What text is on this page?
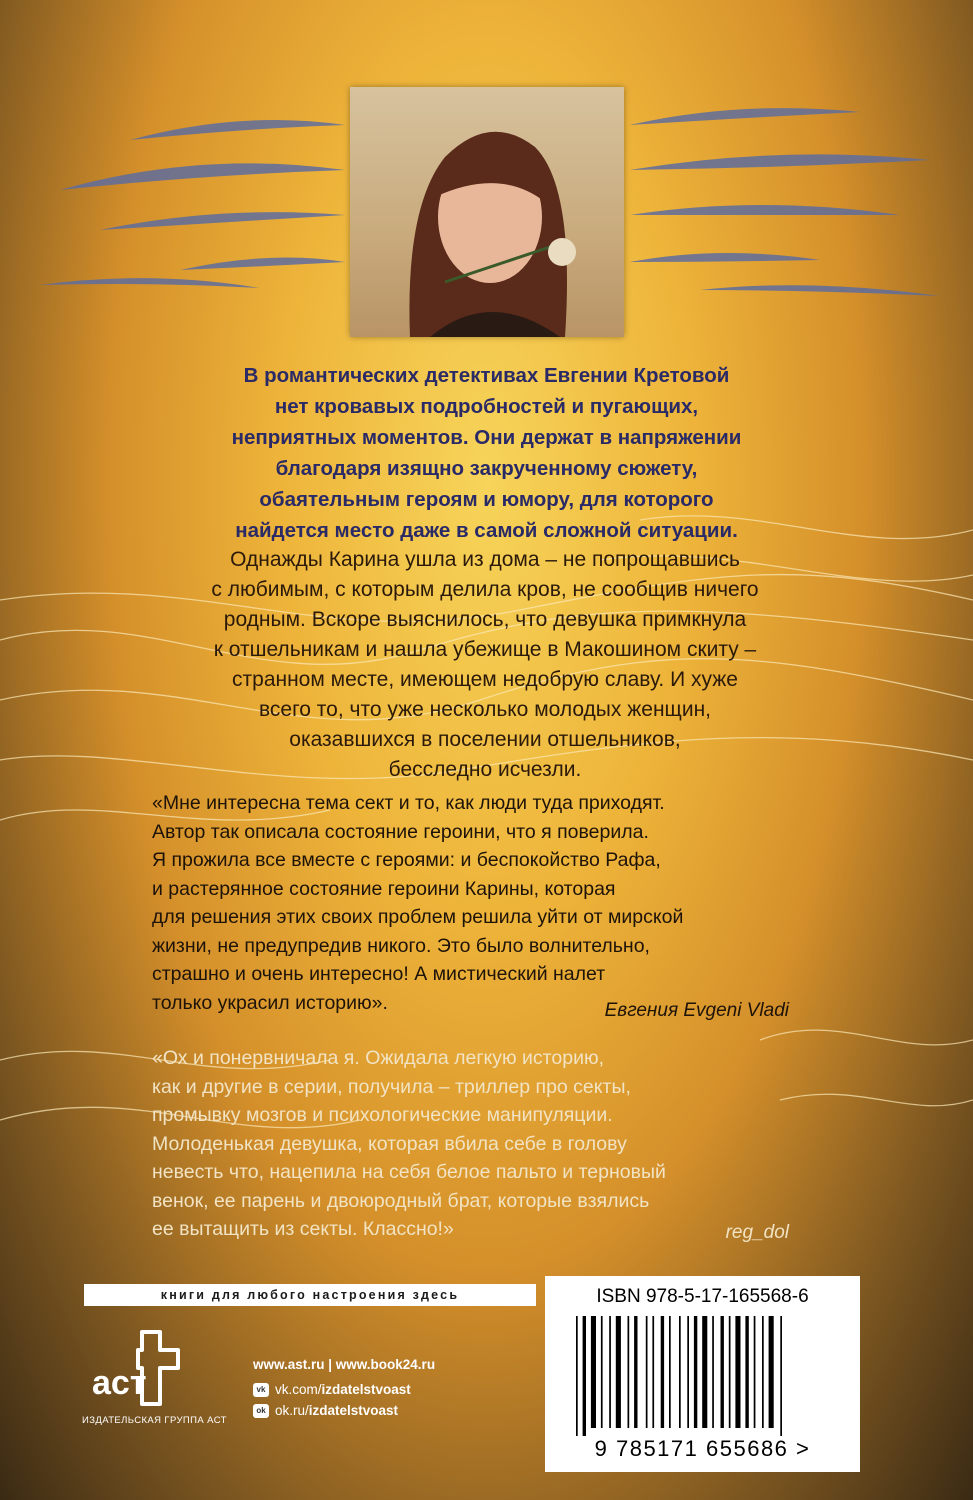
В романтических детективах Евгении Кретовой
нет кровавых подробностей и пугающих,
неприятных моментов. Они держат в напряжении
благодаря изящно закрученному сюжету,
обаятельным героям и юмору, для которого
найдется место даже в самой сложной ситуации.
Однажды Карина ушла из дома – не попрощавшись
с любимым, с которым делила кров, не сообщив ничего
родным. Вскоре выяснилось, что девушка примкнула
к отшельникам и нашла убежище в Макошином скиту –
странном месте, имеющем недобрую славу. И хуже
всего то, что уже несколько молодых женщин,
оказавшихся в поселении отшельников,
бесследно исчезли.
«Мне интересна тема сект и то, как люди туда приходят.
Автор так описала состояние героини, что я поверила.
Я прожила все вместе с героями: и беспокойство Рафа,
и растерянное состояние героини Карины, которая
для решения этих своих проблем решила уйти от мирской
жизни, не предупредив никого. Это было волнительно,
страшно и очень интересно! А мистический налет
только украсил историю».	Евгения Evgeni Vladi

«Ох и понервничала я. Ожидала легкую историю,
как и другие в серии, получила – триллер про секты,
промывку мозгов и психологические манипуляции.
Молоденькая девушка, которая вбила себе в голову
невесть что, нацепила на себя белое пальто и терновый
венок, ее парень и двоюродный брат, которые взялись
ее вытащить из секты. Классно!»	reg_dol

книги для любого настроения здесь
аст

ИЗДАТЕЛЬСКАЯ ГРУППА АСТ

www.ast.ru | www.book24.ru

vk vk.com/ izdatelstvoast
ok ok.ru/ izdatelstvoast

ISBN 978-5-17-165568-6

9 785171 655686 >
